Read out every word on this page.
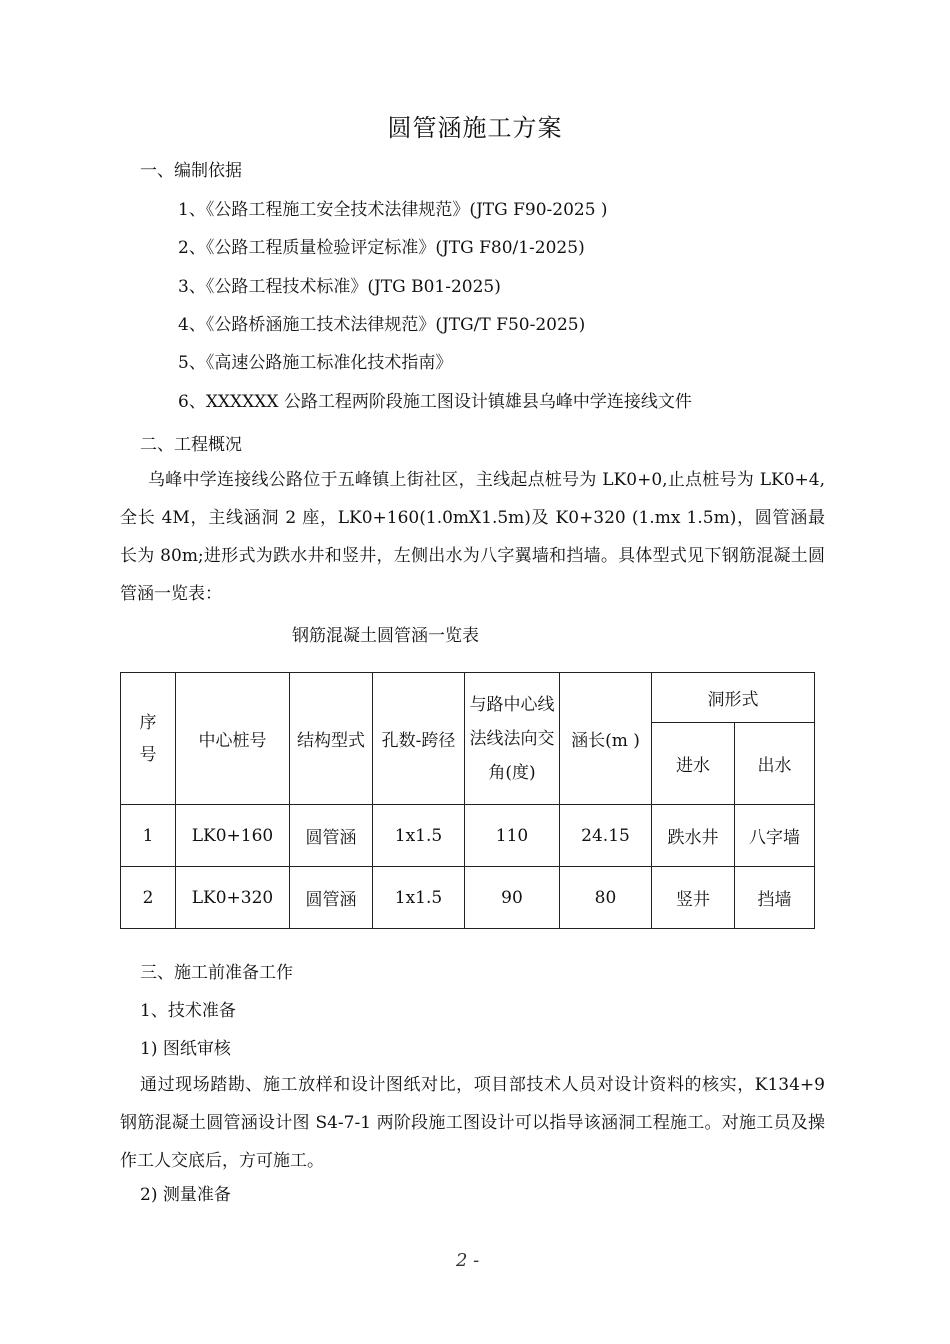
圆管涵施工方案
一、编制依据
1、《公路工程施工安全技术法律规范》(JTG F90-2025 )
2、《公路工程质量检验评定标准》(JTG F80/1-2025)
3、《公路工程技术标准》(JTG B01-2025)
4、《公路桥涵施工技术法律规范》(JTG/T F50-2025)
5、《高速公路施工标准化技术指南》
6、XXXXXX 公路工程两阶段施工图设计镇雄县乌峰中学连接线文件
二、工程概况
乌峰中学连接线公路位于五峰镇上街社区，主线起点桩号为 LK0+0,止点桩号为 LK0+4,全长 4M，主线涵洞 2 座，LK0+160(1.0mX1.5m)及 K0+320 (1.mx 1.5m)，圆管涵最长为 80m;进形式为跌水井和竖井，左侧出水为八字翼墙和挡墙。具体型式见下钢筋混凝土圆管涵一览表：
钢筋混凝土圆管涵一览表
序号	中心桩号	结构型式	孔数-跨径	与路中心线法线法向交角(度)	涵长(m )	洞形式	
						进水	出水
1	LK0+160	圆管涵	1x1.5	110	24.15	跌水井	八字墙
2	LK0+320	圆管涵	1x1.5	90	80	竖井	挡墙
三、施工前准备工作
1、技术准备
1) 图纸审核
通过现场踏勘、施工放样和设计图纸对比，项目部技术人员对设计资料的核实，K134+9 钢筋混凝土圆管涵设计图 S4-7-1 两阶段施工图设计可以指导该涵洞工程施工。对施工员及操作工人交底后，方可施工。
2) 测量准备
2 -
